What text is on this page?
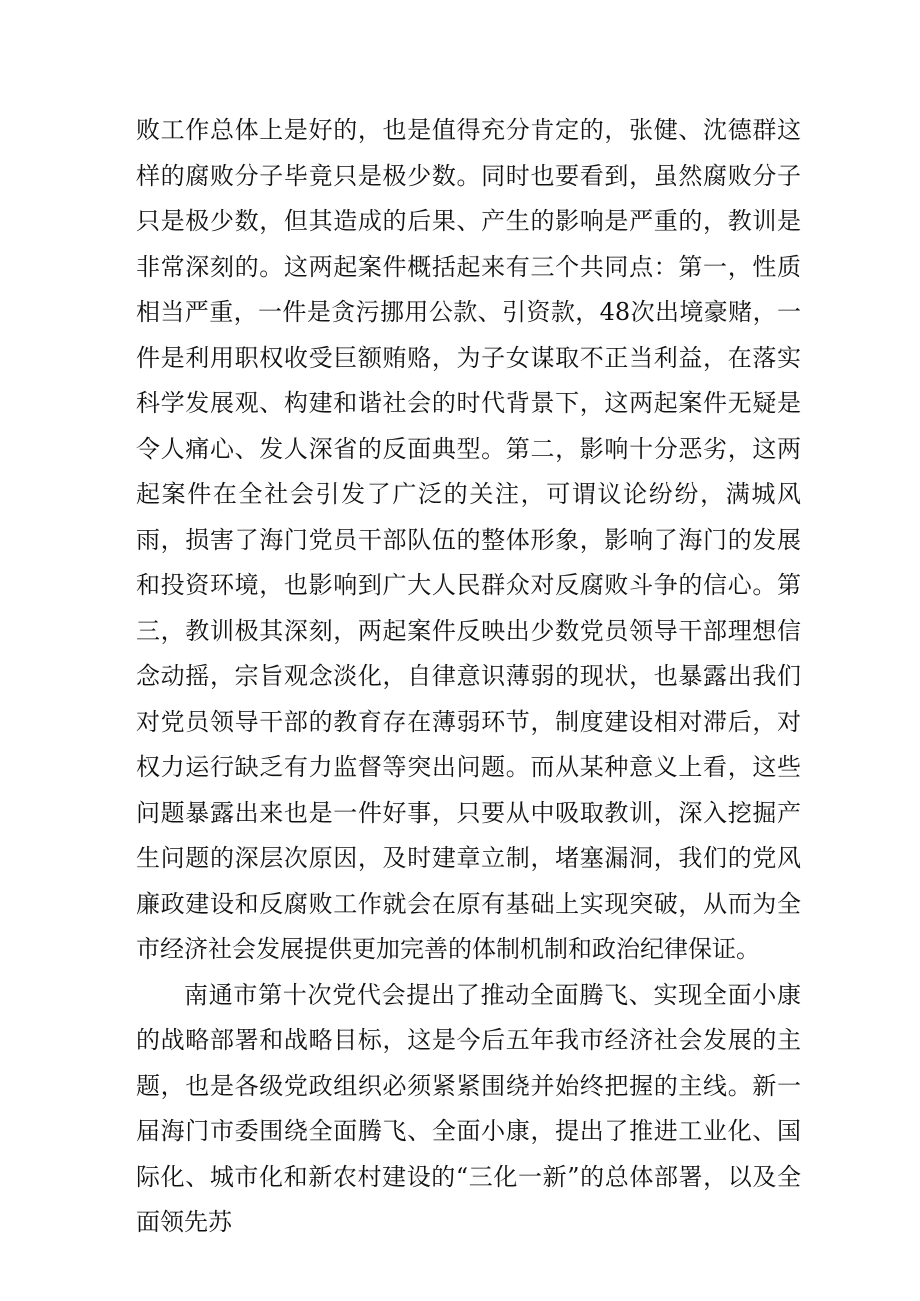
败工作总体上是好的，也是值得充分肯定的，张健、沈德群这样的腐败分子毕竟只是极少数。同时也要看到，虽然腐败分子只是极少数，但其造成的后果、产生的影响是严重的，教训是非常深刻的。这两起案件概括起来有三个共同点：第一，性质相当严重，一件是贪污挪用公款、引资款，48次出境豪赌，一件是利用职权收受巨额贿赂，为子女谋取不正当利益，在落实科学发展观、构建和谐社会的时代背景下，这两起案件无疑是令人痛心、发人深省的反面典型。第二，影响十分恶劣，这两起案件在全社会引发了广泛的关注，可谓议论纷纷，满城风雨，损害了海门党员干部队伍的整体形象，影响了海门的发展和投资环境，也影响到广大人民群众对反腐败斗争的信心。第三，教训极其深刻，两起案件反映出少数党员领导干部理想信念动摇，宗旨观念淡化，自律意识薄弱的现状，也暴露出我们对党员领导干部的教育存在薄弱环节，制度建设相对滞后，对权力运行缺乏有力监督等突出问题。而从某种意义上看，这些问题暴露出来也是一件好事，只要从中吸取教训，深入挖掘产生问题的深层次原因，及时建章立制，堵塞漏洞，我们的党风廉政建设和反腐败工作就会在原有基础上实现突破，从而为全市经济社会发展提供更加完善的体制机制和政治纪律保证。

南通市第十次党代会提出了推动全面腾飞、实现全面小康的战略部署和战略目标，这是今后五年我市经济社会发展的主题，也是各级党政组织必须紧紧围绕并始终把握的主线。新一届海门市委围绕全面腾飞、全面小康，提出了推进工业化、国际化、城市化和新农村建设的“三化一新”的总体部署，以及全面领先苏
